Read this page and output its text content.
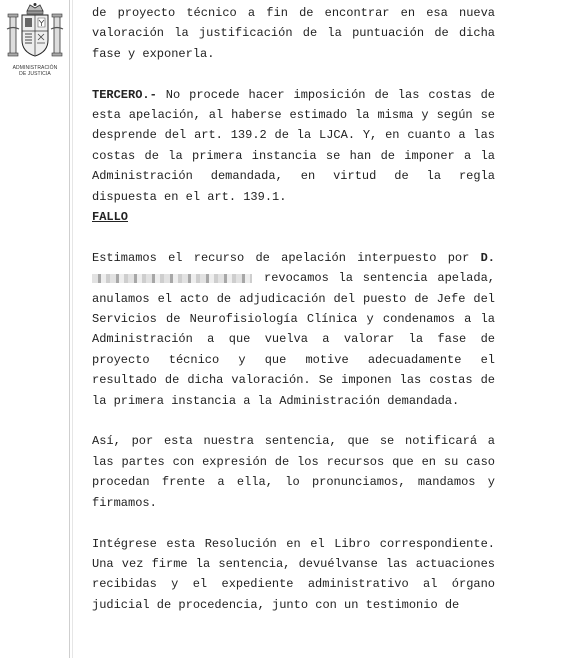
ADMINISTRACIÓN
DE JUSTICIA

de proyecto técnico a fin de encontrar en esa nueva valoración la justificación de la puntuación de dicha fase y exponerla.

TERCERO.- No procede hacer imposición de las costas de esta apelación, al haberse estimado la misma y según se desprende del art. 139.2 de la LJCA. Y, en cuanto a las costas de la primera instancia se han de imponer a la Administración demandada, en virtud de la regla dispuesta en el art. 139.1.

FALLO

Estimamos el recurso de apelación interpuesto por D. revocamos la sentencia apelada, anulamos el acto de adjudicación del puesto de Jefe del Servicios de Neurofisiología Clínica y condenamos a la Administración a que vuelva a valorar la fase de proyecto técnico y que motive adecuadamente el resultado de dicha valoración. Se imponen las costas de la primera instancia a la Administración demandada.

Así, por esta nuestra sentencia, que se notificará a las partes con expresión de los recursos que en su caso procedan frente a ella, lo pronunciamos, mandamos y firmamos.

Intégrese esta Resolución en el Libro correspondiente. Una vez firme la sentencia, devuélvanse las actuaciones recibidas y el expediente administrativo al órgano judicial de procedencia, junto con un testimonio de
